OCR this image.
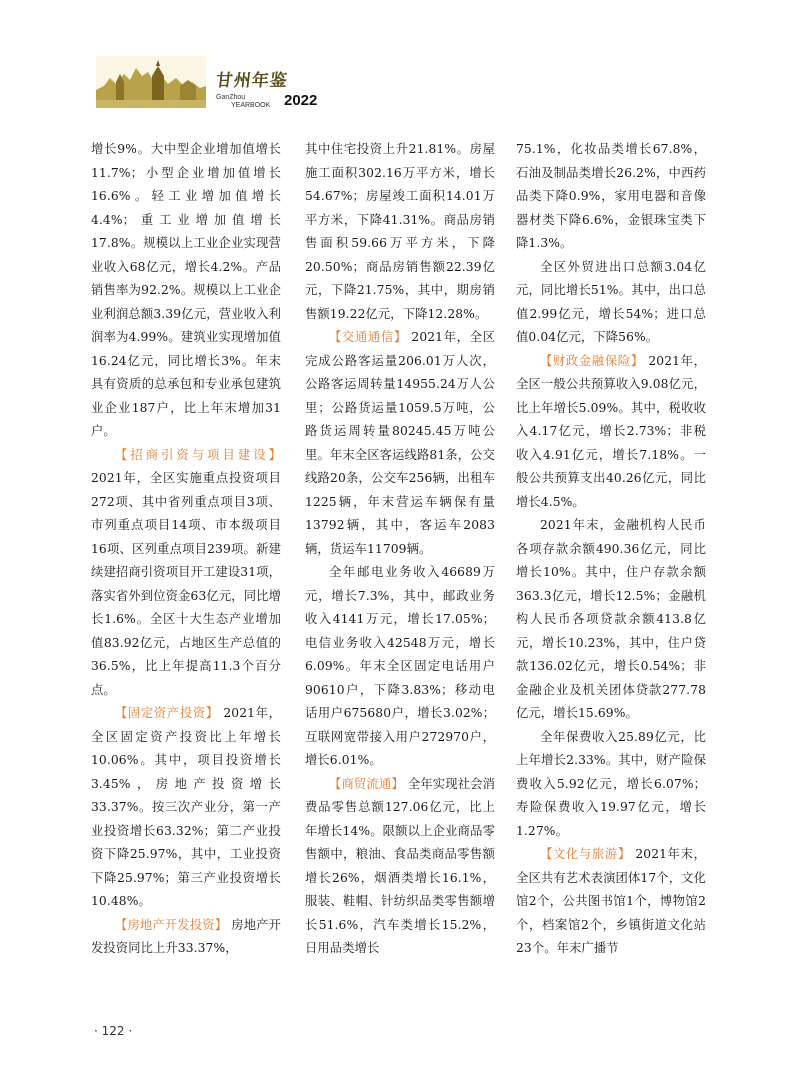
甘州年鉴
GanZhou
YEARBOOK 2022

增长9%。大中型企业增加值增长11.7%；小型企业增加值增长16.6%。轻工业增加值增长4.4%；重工业增加值增长17.8%。规模以上工业企业实现营业收入68亿元，增长4.2%。产品销售率为92.2%。规模以上工业企业利润总额3.39亿元，营业收入利润率为4.99%。建筑业实现增加值16.24亿元，同比增长3%。年末具有资质的总承包和专业承包建筑业企业187户，比上年末增加31户。

【招商引资与项目建设】2021年，全区实施重点投资项目272项、其中省列重点项目3项、市列重点项目14项、市本级项目16项、区列重点项目239项。新建续建招商引资项目开工建设31项，落实省外到位资金63亿元，同比增长1.6%。全区十大生态产业增加值83.92亿元，占地区生产总值的36.5%，比上年提高11.3个百分点。

【固定资产投资】 2021年，全区固定资产投资比上年增长10.06%。其中，项目投资增长3.45%，房地产投资增长33.37%。按三次产业分，第一产业投资增长63.32%；第二产业投资下降25.97%，其中，工业投资下降25.97%；第三产业投资增长10.48%。

【房地产开发投资】 房地产开发投资同比上升33.37%，

其中住宅投资上升21.81%。房屋施工面积302.16万平方米，增长54.67%；房屋竣工面积14.01万平方米，下降41.31%。商品房销售面积59.66万平方米，下降20.50%；商品房销售额22.39亿元，下降21.75%，其中，期房销售额19.22亿元，下降12.28%。

【交通通信】 2021年，全区完成公路客运量206.01万人次，公路客运周转量14955.24万人公里；公路货运量1059.5万吨，公路货运周转量80245.45万吨公里。年末全区客运线路81条，公交线路20条，公交车256辆，出租车1225辆，年末营运车辆保有量13792辆，其中，客运车2083辆，货运车11709辆。

全年邮电业务收入46689万元，增长7.3%，其中，邮政业务收入4141万元，增长17.05%；电信业务收入42548万元，增长6.09%。年末全区固定电话用户90610户，下降3.83%；移动电话用户675680户，增长3.02%；互联网宽带接入用户272970户，增长6.01%。

【商贸流通】 全年实现社会消费品零售总额127.06亿元，比上年增长14%。限额以上企业商品零售额中，粮油、食品类商品零售额增长26%，烟酒类增长16.1%，服装、鞋帽、针纺织品类零售额增长51.6%，汽车类增长15.2%，日用品类增长

75.1%，化妆品类增长67.8%，石油及制品类增长26.2%，中西药品类下降0.9%，家用电器和音像器材类下降6.6%，金银珠宝类下降1.3%。

全区外贸进出口总额3.04亿元，同比增长51%。其中，出口总值2.99亿元，增长54%；进口总值0.04亿元，下降56%。

【财政金融保险】 2021年，全区一般公共预算收入9.08亿元，比上年增长5.09%。其中，税收收入4.17亿元，增长2.73%；非税收入4.91亿元，增长7.18%。一般公共预算支出40.26亿元，同比增长4.5%。

2021年末，金融机构人民币各项存款余额490.36亿元，同比增长10%。其中，住户存款余额363.3亿元，增长12.5%；金融机构人民币各项贷款余额413.8亿元，增长10.23%，其中，住户贷款136.02亿元，增长0.54%；非金融企业及机关团体贷款277.78亿元，增长15.69%。

全年保费收入25.89亿元，比上年增长2.33%。其中，财产险保费收入5.92亿元，增长6.07%；寿险保费收入19.97亿元，增长1.27%。

【文化与旅游】 2021年末，全区共有艺术表演团体17个，文化馆2个，公共图书馆1个，博物馆2个，档案馆2个，乡镇街道文化站23个。年末广播节

· 122 ·
